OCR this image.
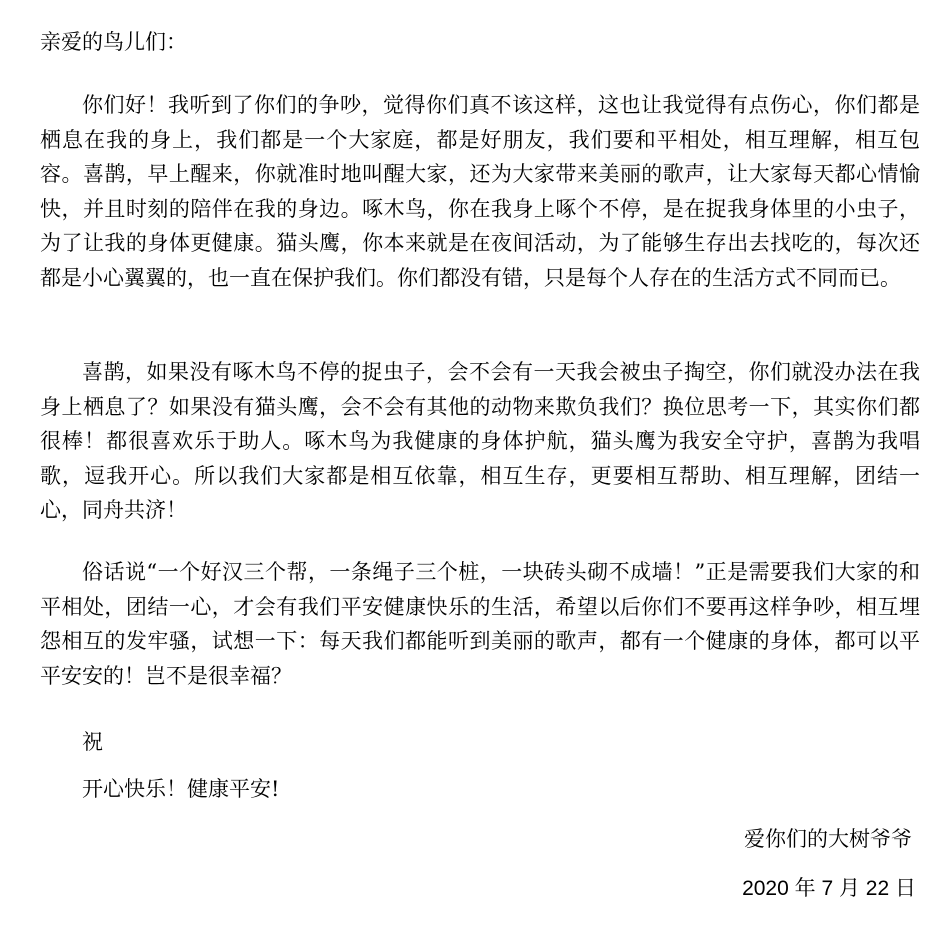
亲爱的鸟儿们：

你们好！我听到了你们的争吵，觉得你们真不该这样，这也让我觉得有点伤心，你们都是栖息在我的身上，我们都是一个大家庭，都是好朋友，我们要和平相处，相互理解，相互包容。喜鹊，早上醒来，你就准时地叫醒大家，还为大家带来美丽的歌声，让大家每天都心情愉快，并且时刻的陪伴在我的身边。啄木鸟，你在我身上啄个不停，是在捉我身体里的小虫子，为了让我的身体更健康。猫头鹰，你本来就是在夜间活动，为了能够生存出去找吃的，每次还都是小心翼翼的，也一直在保护我们。你们都没有错，只是每个人存在的生活方式不同而已。

喜鹊，如果没有啄木鸟不停的捉虫子，会不会有一天我会被虫子掏空，你们就没办法在我身上栖息了？如果没有猫头鹰，会不会有其他的动物来欺负我们？换位思考一下，其实你们都很棒！都很喜欢乐于助人。啄木鸟为我健康的身体护航，猫头鹰为我安全守护，喜鹊为我唱歌，逗我开心。所以我们大家都是相互依靠，相互生存，更要相互帮助、相互理解，团结一心，同舟共济！

俗话说“一个好汉三个帮，一条绳子三个桩，一块砖头砌不成墙！”正是需要我们大家的和平相处，团结一心，才会有我们平安健康快乐的生活，希望以后你们不要再这样争吵，相互埋怨相互的发牢骚，试想一下：每天我们都能听到美丽的歌声，都有一个健康的身体，都可以平平安安的！岂不是很幸福？

祝
开心快乐！健康平安!
爱你们的大树爷爷
2020 年 7 月 22 日
